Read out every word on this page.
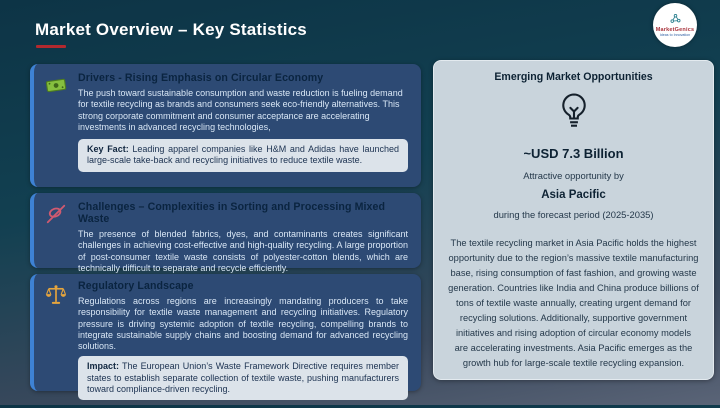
Market Overview – Key Statistics	MarketGenics
Ideas to Innovation
Drivers - Rising Emphasis on Circular Economy

The push toward sustainable consumption and waste reduction is fueling demand for textile recycling as brands and consumers seek eco-friendly alternatives. This strong corporate commitment and consumer acceptance are accelerating investments in advanced recycling technologies,

Key Fact: Leading apparel companies like H&M and Adidas have launched large-scale take-back and recycling initiatives to reduce textile waste.
Challenges – Complexities in Sorting and Processing Mixed Waste

The presence of blended fabrics, dyes, and contaminants creates significant challenges in achieving cost-effective and high-quality recycling. A large proportion of post-consumer textile waste consists of polyester-cotton blends, which are technically difficult to separate and recycle efficiently.

Regulatory Landscape

Regulations across regions are increasingly mandating producers to take responsibility for textile waste management and recycling initiatives. Regulatory pressure is driving systemic adoption of textile recycling, compelling brands to integrate sustainable supply chains and boosting demand for advanced recycling solutions.

Impact: The European Union’s Waste Framework Directive requires member states to establish separate collection of textile waste, pushing manufacturers toward compliance-driven recycling.
Emerging Market Opportunities
~USD 7.3 Billion
Attractive opportunity by
Asia Pacific
during the forecast period (2025-2035)

The textile recycling market in Asia Pacific holds the highest opportunity due to the region’s massive textile manufacturing base, rising consumption of fast fashion, and growing waste generation. Countries like India and China produce billions of tons of textile waste annually, creating urgent demand for recycling solutions. Additionally, supportive government initiatives and rising adoption of circular economy models are accelerating investments. Asia Pacific emerges as the growth hub for large-scale textile recycling expansion.
